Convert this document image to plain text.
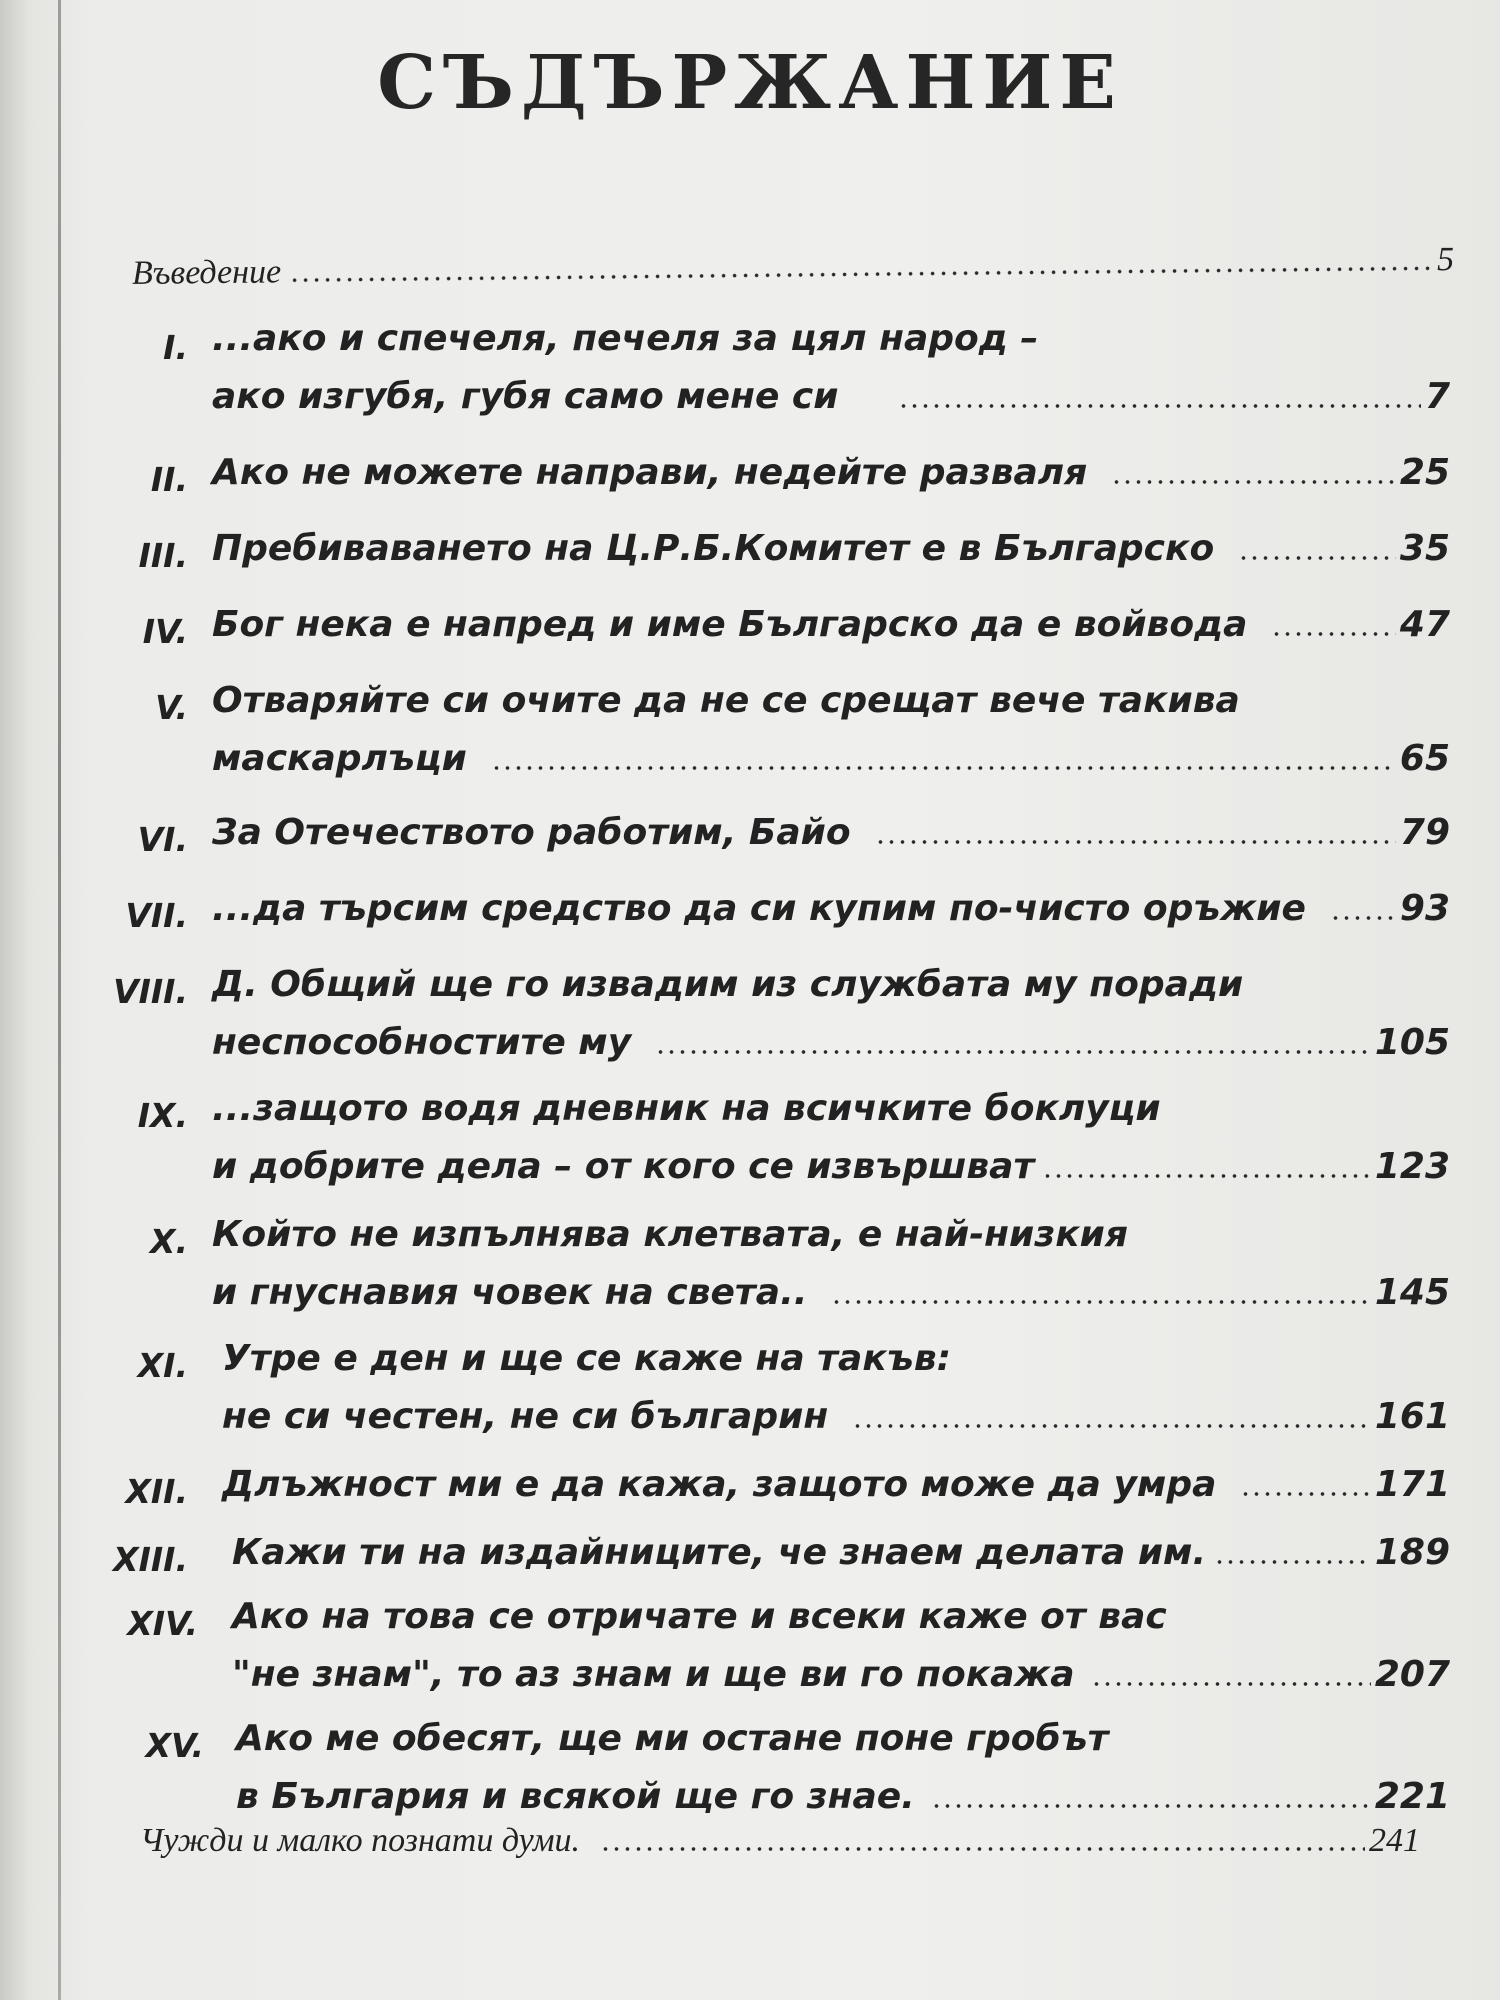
СЪДЪРЖАНИЕ
Въведение	5
I. ...ако и спечеля, печеля за цял народ –
ако изгубя, губя само мене си	7
II. Ако не можете направи, недейте разваля	25
III. Пребиваването на Ц.Р.Б.Комитет е в Българско	35
IV. Бог нека е напред и име Българско да е войвода	47
V. Отваряйте си очите да не се срещат вече такива
маскарлъци	65
VI. За Отечеството работим, Байо	79
VII. ...да търсим средство да си купим по-чисто оръжие	93
VIII. Д. Общий ще го извадим из службата му поради
неспособностите му	105
IX. ...защото водя дневник на всичките боклуци
и добрите дела – от кого се извършват	123
X. Който не изпълнява клетвата, е най-низкия
и гнуснавия човек на света..	145
XI. Утре е ден и ще се каже на такъв:
не си честен, не си българин	161
XII. Длъжност ми е да кажа, защото може да умра	171
XIII. Кажи ти на издайниците, че знаем делата им.	189
XIV. Ако на това се отричате и всеки каже от вас
"не знам", то аз знам и ще ви го покажа	207
XV. Ако ме обесят, ще ми остане поне гробът
в България и всякой ще го знае.	221
Чужди и малко познати думи.	241
